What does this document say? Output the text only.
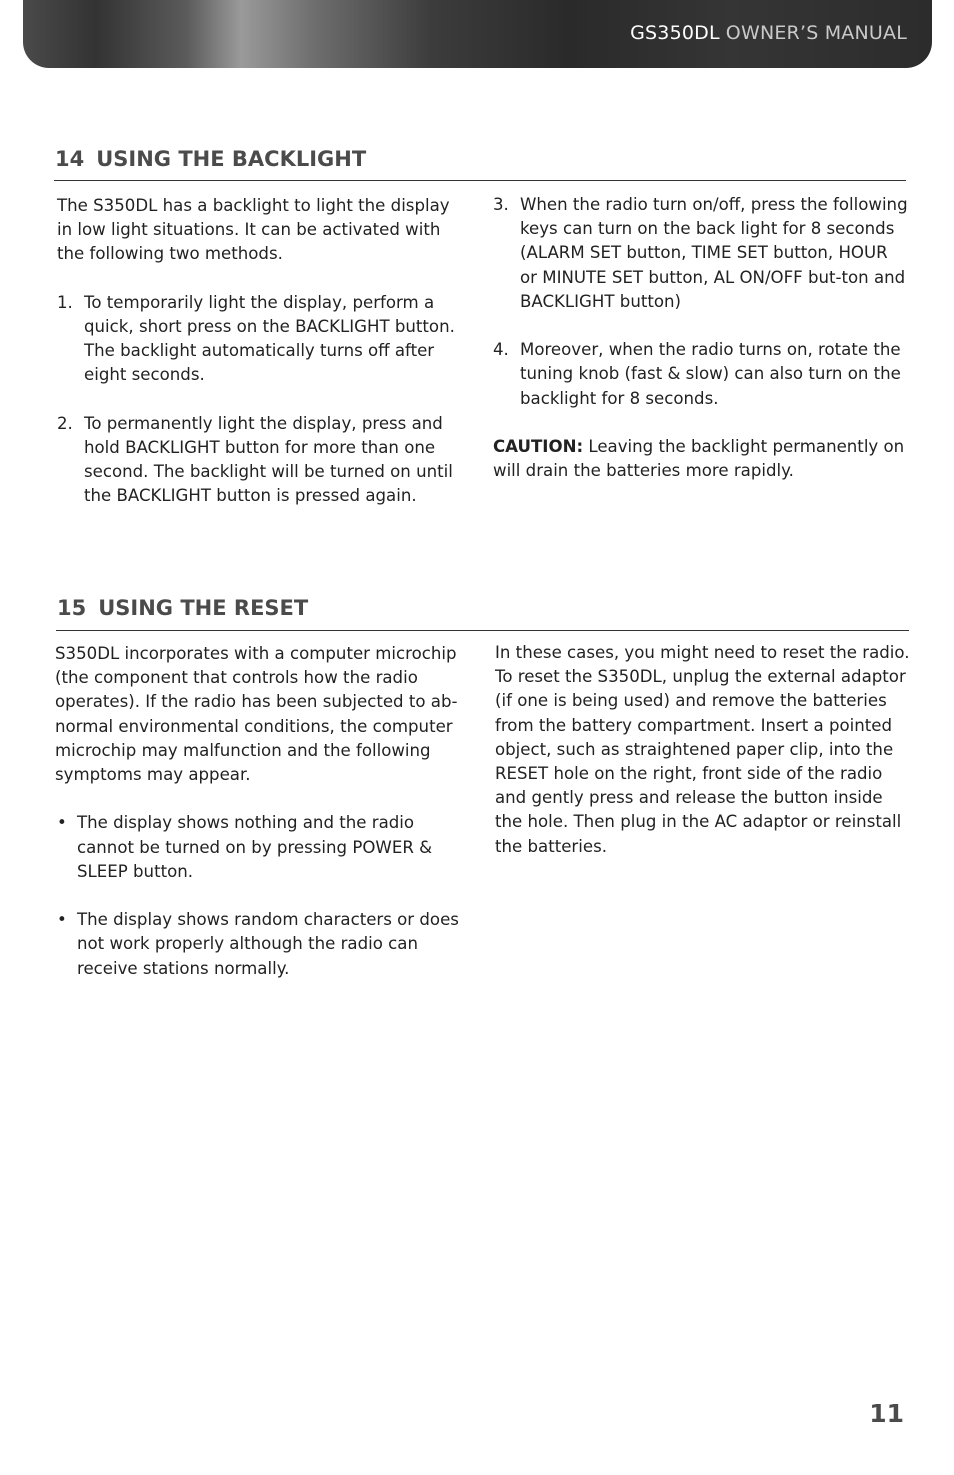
GS350DL OWNER’S MANUAL
14 USING THE BACKLIGHT

The S350DL has a backlight to light the display in low light situations. It can be activated with the following two methods.

1. To temporarily light the display, perform a quick, short press on the BACKLIGHT button. The backlight automatically turns off after eight seconds.
2. To permanently light the display, press and hold BACKLIGHT button for more than one second. The backlight will be turned on until the BACKLIGHT button is pressed again.
3. When the radio turn on/off, press the following keys can turn on the back light for 8 seconds (ALARM SET button, TIME SET button, HOUR or MINUTE SET button, AL ON/OFF but-ton and BACKLIGHT button)
4. Moreover, when the radio turns on, rotate the tuning knob (fast & slow) can also turn on the backlight for 8 seconds.

CAUTION: Leaving the backlight permanently on will drain the batteries more rapidly.

15 USING THE RESET

S350DL incorporates with a computer microchip (the component that controls how the radio operates). If the radio has been subjected to ab-normal environmental conditions, the computer microchip may malfunction and the following symptoms may appear.

• The display shows nothing and the radio cannot be turned on by pressing POWER & SLEEP button.
• The display shows random characters or does not work properly although the radio can receive stations normally.

In these cases, you might need to reset the radio. To reset the S350DL, unplug the external adaptor (if one is being used) and remove the batteries from the battery compartment. Insert a pointed object, such as straightened paper clip, into the RESET hole on the right, front side of the radio and gently press and release the button inside the hole. Then plug in the AC adaptor or reinstall the batteries.

11
